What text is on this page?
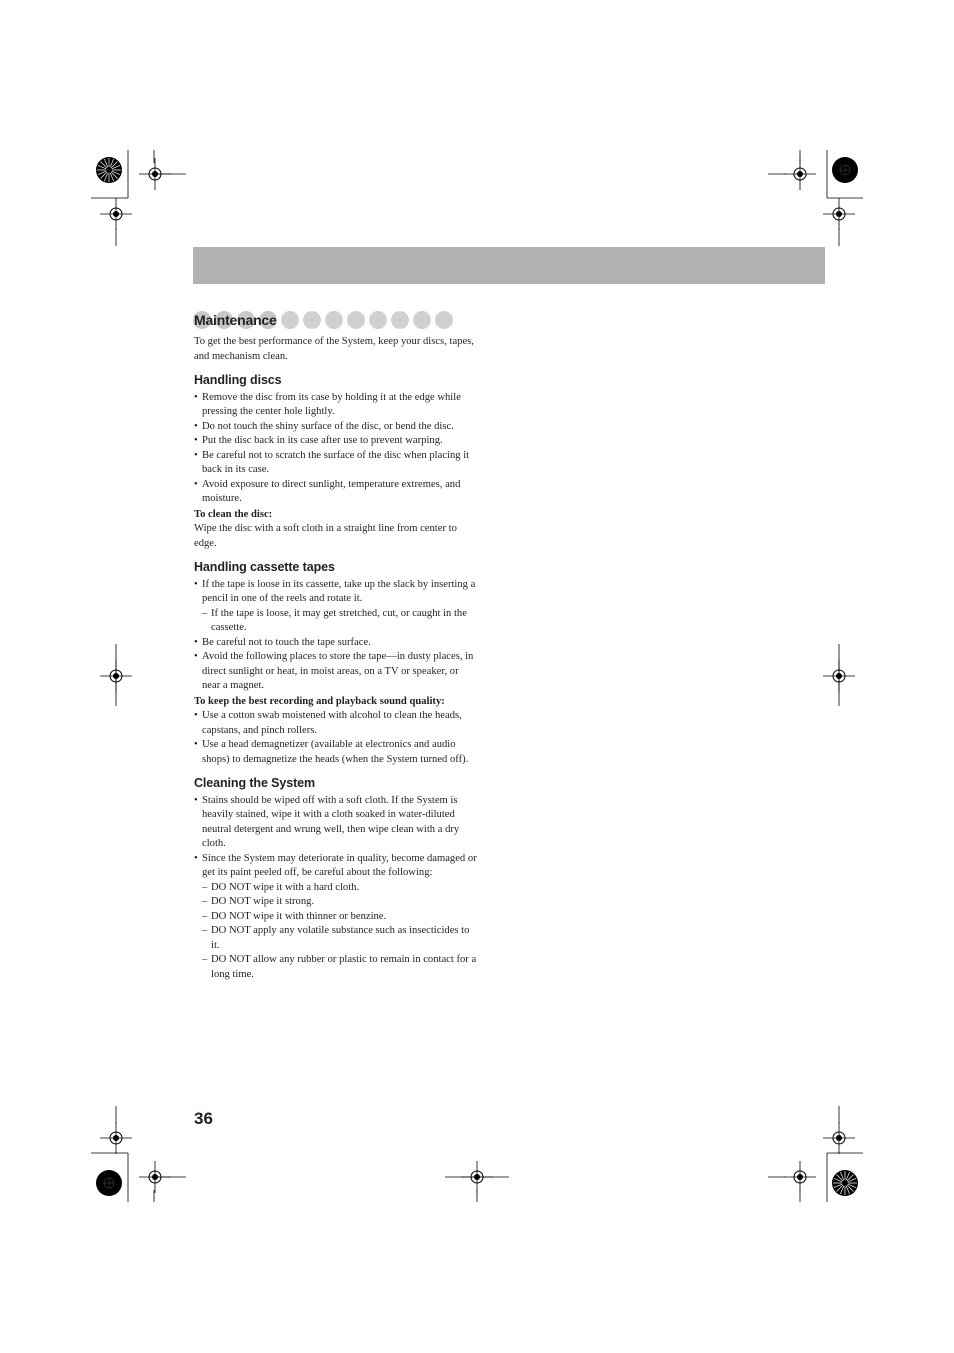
Maintenance

To get the best performance of the System, keep your discs, tapes, and mechanism clean.

Handling discs
• Remove the disc from its case by holding it at the edge while pressing the center hole lightly.
• Do not touch the shiny surface of the disc, or bend the disc.
• Put the disc back in its case after use to prevent warping.
• Be careful not to scratch the surface of the disc when placing it back in its case.
• Avoid exposure to direct sunlight, temperature extremes, and moisture.

To clean the disc:

Wipe the disc with a soft cloth in a straight line from center to edge.

Handling cassette tapes
• If the tape is loose in its cassette, take up the slack by inserting a pencil in one of the reels and rotate it.
– If the tape is loose, it may get stretched, cut, or caught in the cassette.
• Be careful not to touch the tape surface.
• Avoid the following places to store the tape—in dusty places, in direct sunlight or heat, in moist areas, on a TV or speaker, or near a magnet.

To keep the best recording and playback sound quality:

• Use a cotton swab moistened with alcohol to clean the heads, capstans, and pinch rollers.
• Use a head demagnetizer (available at electronics and audio shops) to demagnetize the heads (when the System turned off).
Cleaning the System
• Stains should be wiped off with a soft cloth. If the System is heavily stained, wipe it with a cloth soaked in water-diluted neutral detergent and wrung well, then wipe clean with a dry cloth.
• Since the System may deteriorate in quality, become damaged or get its paint peeled off, be careful about the following:
– DO NOT wipe it with a hard cloth.
– DO NOT wipe it strong.
– DO NOT wipe it with thinner or benzine.
– DO NOT apply any volatile substance such as insecticides to it.
– DO NOT allow any rubber or plastic to remain in contact for a long time.
36
